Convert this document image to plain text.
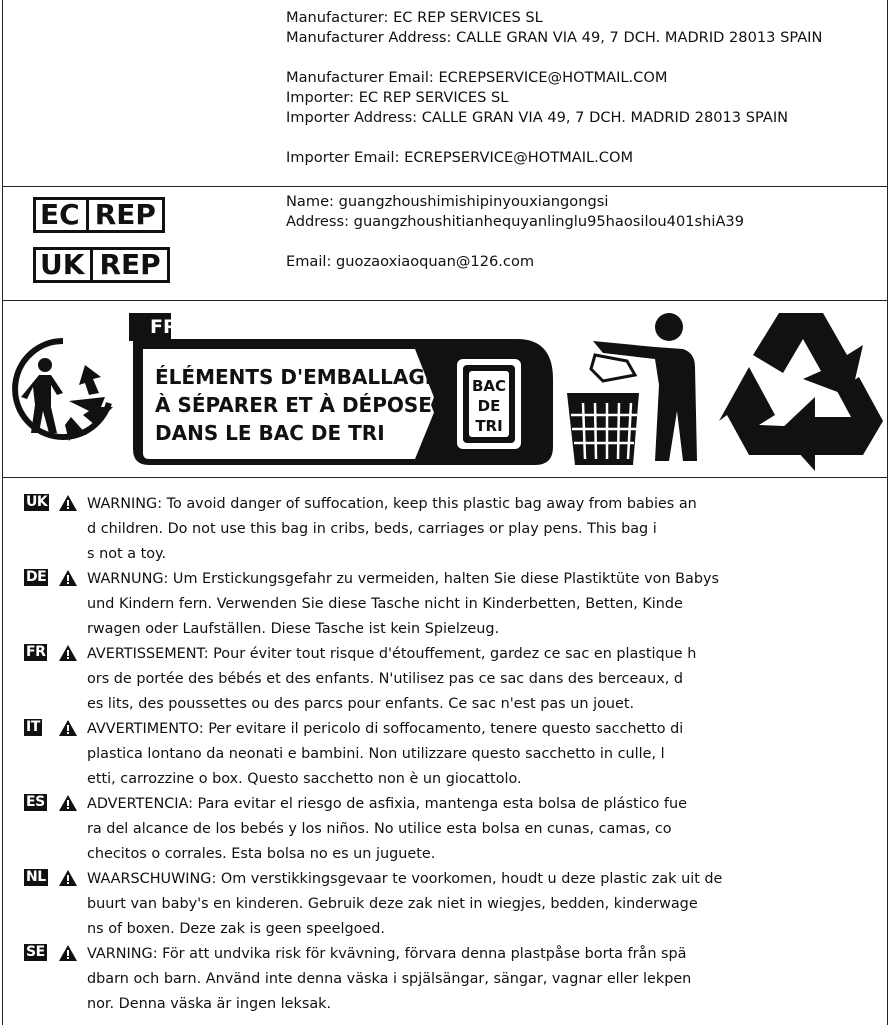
Manufacturer: EC REP SERVICES SL
Manufacturer Address: CALLE GRAN VIA 49, 7 DCH. MADRID 28013 SPAIN
Manufacturer Email: ECREPSERVICE@HOTMAIL.COM
Importer: EC REP SERVICES SL
Importer Address: CALLE GRAN VIA 49, 7 DCH. MADRID 28013 SPAIN
Importer Email: ECREPSERVICE@HOTMAIL.COM
EC REP
UK REP
Name: guangzhoushimishipinyouxiangongsi
Address: guangzhoushitianhequyanlinglu95haosilou401shiA39
Email: guozaoxiaoquan@126.com
FR
ÉLÉMENTS D'EMBALLAGE
À SÉPARER ET À DÉPOSER
DANS LE BAC DE TRI
BAC
DE
TRI
UK	WARNING: To avoid danger of suffocation, keep this plastic bag away from babies an
d children. Do not use this bag in cribs, beds, carriages or play pens. This bag i
s not a toy.
DE	WARNUNG: Um Erstickungsgefahr zu vermeiden, halten Sie diese Plastiktüte von Babys
und Kindern fern. Verwenden Sie diese Tasche nicht in Kinderbetten, Betten, Kinde
rwagen oder Laufställen. Diese Tasche ist kein Spielzeug.
FR	AVERTISSEMENT: Pour éviter tout risque d'étouffement, gardez ce sac en plastique h
ors de portée des bébés et des enfants. N'utilisez pas ce sac dans des berceaux, d
es lits, des poussettes ou des parcs pour enfants. Ce sac n'est pas un jouet.
IT	AVVERTIMENTO: Per evitare il pericolo di soffocamento, tenere questo sacchetto di
plastica lontano da neonati e bambini. Non utilizzare questo sacchetto in culle, l
etti, carrozzine o box. Questo sacchetto non è un giocattolo.
ES	ADVERTENCIA: Para evitar el riesgo de asfixia, mantenga esta bolsa de plástico fue
ra del alcance de los bebés y los niños. No utilice esta bolsa en cunas, camas, co
checitos o corrales. Esta bolsa no es un juguete.
NL	WAARSCHUWING: Om verstikkingsgevaar te voorkomen, houdt u deze plastic zak uit de
buurt van baby's en kinderen. Gebruik deze zak niet in wiegjes, bedden, kinderwage
ns of boxen. Deze zak is geen speelgoed.
SE	VARNING: För att undvika risk för kvävning, förvara denna plastpåse borta från spä
dbarn och barn. Använd inte denna väska i spjälsängar, sängar, vagnar eller lekpen
nor. Denna väska är ingen leksak.
